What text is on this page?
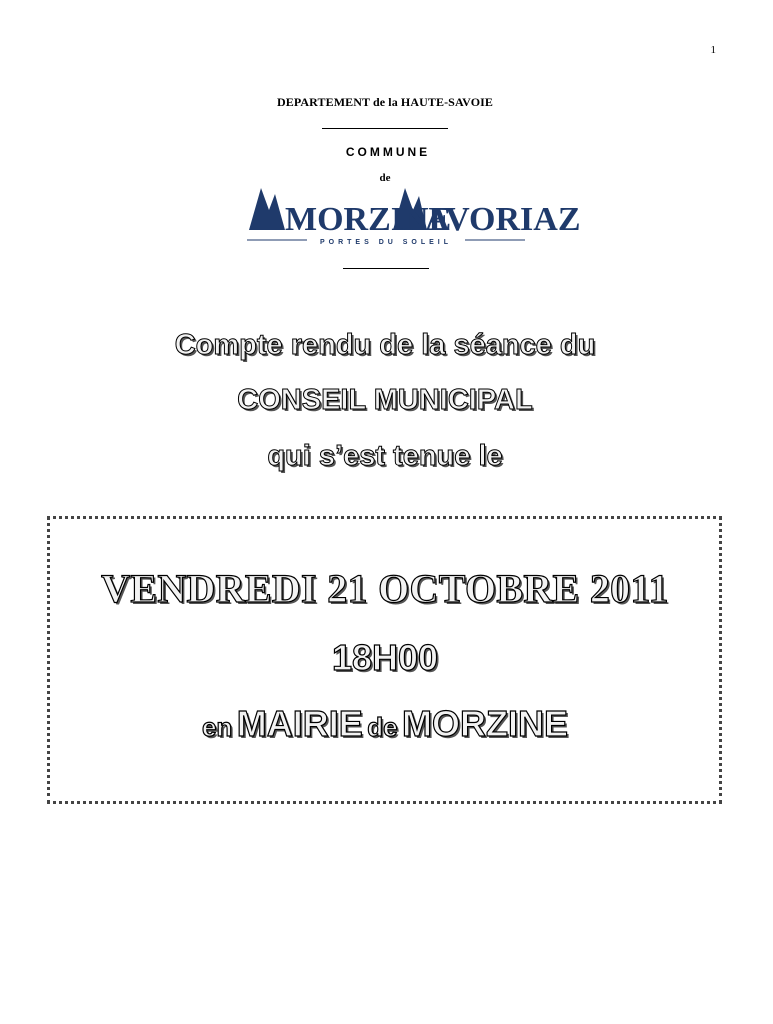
1
DEPARTEMENT de la HAUTE-SAVOIE
COMMUNE
de
MORZINE
AVORIAZ
PORTES DU SOLEIL
Compte rendu de la séance du
CONSEIL MUNICIPAL
qui s’est tenue le
VENDREDI 21 OCTOBRE 2011
18H00
en MAIRIE de MORZINE
